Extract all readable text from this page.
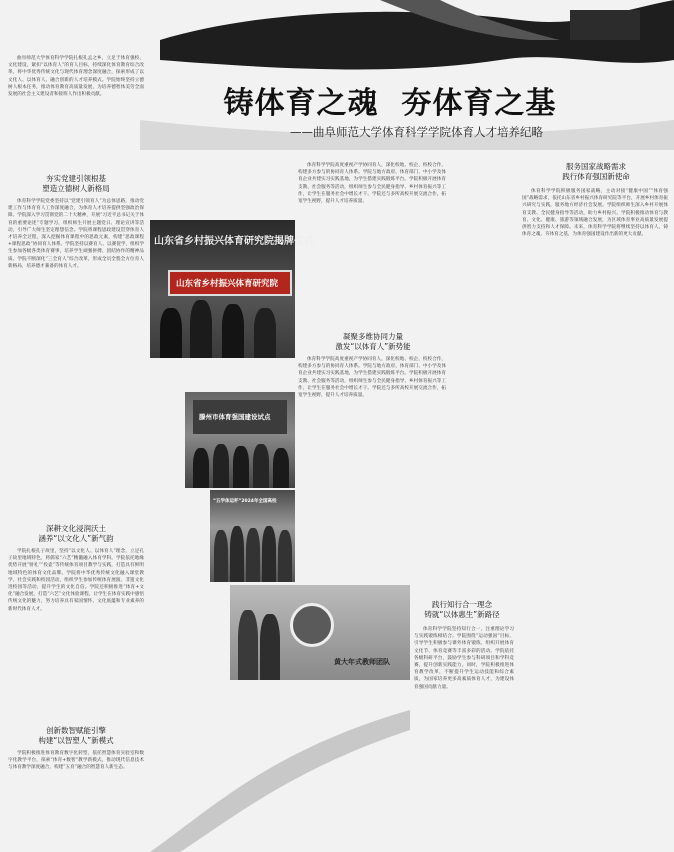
铸体育之魂  夯体育之基
——曲阜师范大学体育科学学院体育人才培养纪略

曲阜师范大学体育科学学院扎根孔孟之乡，立足于体育强校、文化建设，紧扣“以体育人”的育人目标，持续深化体育教育综合改革，将中华优秀传统文化与现代体育理念深度融合，探索形成了以文化人、以体育人、融合创新的人才培养模式。学院始终坚持立德树人根本任务，推动体育教育高质量发展，为培养德智体美劳全面发展的社会主义建设者和接班人作出积极贡献。

夯实党建引领根基
塑造立德树人新格局

体育科学学院党委坚持以“党建引领育人”为总体思路，推动党建工作与体育育人工作深度融合，为体育人才培养提供坚强政治保障。学院深入学习贯彻党的二十大精神，开展“习近平总书记关于体育的重要论述”专题学习，组织师生开展主题党日、理论宣讲等活动，引导广大师生坚定理想信念。学院将课程思政建设贯穿体育人才培养全过程，深入挖掘体育课程中的思政元素，构建“思政课程+课程思政”协同育人体系。学院坚持以赛育人、以赛促学，组织学生参加各级各类体育赛事，培养学生顽强拼搏、团结协作的精神品质。学院不断深化“三全育人”综合改革，形成全员全程全方位育人新格局，培养德才兼备的体育人才。

深耕文化浸润沃土
涵养“以文化人”新气韵

学院扎根孔子故里，坚持“以文化人、以体育人”理念，立足孔子故里地域特色，将儒家“六艺”精髓融入体育学科。学院依托地缘优势开展“射礼”“投壶”等传统体育项目教学与实践，打造具有鲜明地域特色的体育文化品牌。学院将中华优秀传统文化融入课堂教学、社会实践和校园活动，组织学生参加传统体育展演、非遗文化进校园等活动，提升学生的文化自信。学院还积极推进“体育+文化”融合发展，打造“六艺”文化体验课程，让学生在体育实践中感悟传统文化的魅力，努力培养具有家国情怀、文化底蕴和专业素养的新时代体育人才。

创新数智赋能引擎
构建“以智塑人”新模式

学院积极推进体育教育数字化转型，依托智慧体育实验室和数字化教学平台，探索“体育+数智”教学新模式，推动现代信息技术与体育教学深度融合，构建“五育”融合的智慧育人新生态。

山东省乡村振兴体育研究院揭牌仪式
山东省乡村振兴体育研究院
滕州市体育强国建设试点
“五学体运杯”2024年全国高校
黄大年式教师团队

体育科学学院高度重视产学协同育人，深化校地、校企、校校合作，构建多方参与的协同育人体系。学院与地方政府、体育部门、中小学及体育企业共建实习实践基地，为学生搭建实践锻炼平台。学院积极开展体育支教、社会服务等活动，组织师生参与全民健身指导、乡村体育振兴等工作，让学生在服务社会中增长才干。学院还与多所高校开展交流合作，拓宽学生视野，提升人才培养质量。

凝聚多维协同力量
激发“以体育人”新势能

体育科学学院高度重视产学协同育人，深化校地、校企、校校合作，构建多方参与的协同育人体系。学院与地方政府、体育部门、中小学及体育企业共建实习实践基地，为学生搭建实践锻炼平台。学院积极开展体育支教、社会服务等活动，组织师生参与全民健身指导、乡村体育振兴等工作，让学生在服务社会中增长才干。学院还与多所高校开展交流合作，拓宽学生视野，提升人才培养质量。

践行知行合一理念
铸就“以体惠生”新路径

体育科学学院坚持知行合一，注重理论学习与实践锻炼相结合。学院围绕“运动强国”目标，引导学生积极参与课外体育锻炼，组织开展体育文化节、体育竞赛等丰富多彩的活动。学院依托各级科研平台，鼓励学生参与科研项目和学科竞赛，提升创新实践能力。同时，学院积极推进体育教学改革，不断提升学生运动技能和综合素质，为国家培养更多高素质体育人才，为建设体育强国贡献力量。

服务国家战略需求
践行体育强国新使命

体育科学学院积极服务国家战略，主动对接“健康中国”“体育强国”战略需求，依托山东省乡村振兴体育研究院等平台，开展乡村体育振兴研究与实践，服务地方经济社会发展。学院组织师生深入乡村开展体育支教、全民健身指导等活动，助力乡村振兴。学院积极推动体育与教育、文化、健康、旅游等领域融合发展，为区域体育事业高质量发展提供智力支持和人才保障。未来，体育科学学院将继续坚持以体育人，铸体育之魂，夯体育之基，为体育强国建设作出新的更大贡献。
